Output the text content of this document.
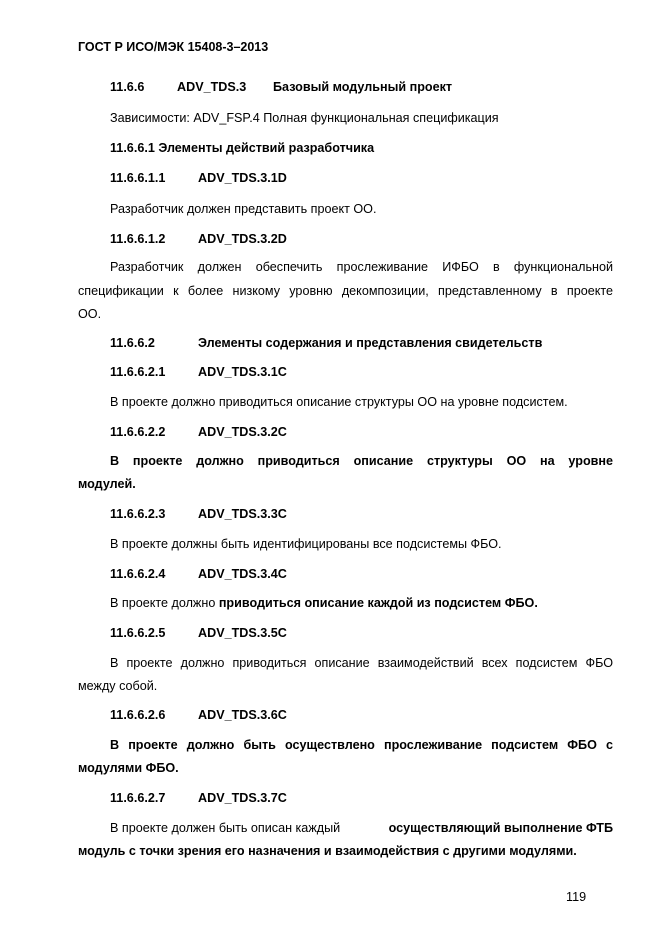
ГОСТ Р ИСО/МЭК 15408-3–2013
11.6.6	ADV_TDS.3 Базовый модульный проект
Зависимости: ADV_FSP.4 Полная функциональная спецификация
11.6.6.1 Элементы действий разработчика
11.6.6.1.1	ADV_TDS.3.1D
Разработчик должен представить проект ОО.
11.6.6.1.2	ADV_TDS.3.2D
Разработчик должен обеспечить прослеживание ИФБО в функциональной
спецификации к более низкому уровню декомпозиции, представленному в проекте
ОО.
11.6.6.2	Элементы содержания и представления свидетельств
11.6.6.2.1	ADV_TDS.3.1C
В проекте должно приводиться описание структуры ОО на уровне подсистем.
11.6.6.2.2	ADV_TDS.3.2C
В проекте должно приводиться описание структуры ОО на уровне
модулей.
11.6.6.2.3	ADV_TDS.3.3C
В проекте должны быть идентифицированы все подсистемы ФБО.
11.6.6.2.4	ADV_TDS.3.4C
В проекте должно приводиться описание каждой из подсистем ФБО.
11.6.6.2.5	ADV_TDS.3.5C
В проекте должно приводиться описание взаимодействий всех подсистем ФБО
между собой.
11.6.6.2.6	ADV_TDS.3.6C
В проекте должно быть осуществлено прослеживание подсистем ФБО с
модулями ФБО.
11.6.6.2.7	ADV_TDS.3.7C
В проекте должен быть описан каждый	осуществляющий выполнение ФТБ
модуль с точки зрения его назначения и взаимодействия с другими модулями.
119
